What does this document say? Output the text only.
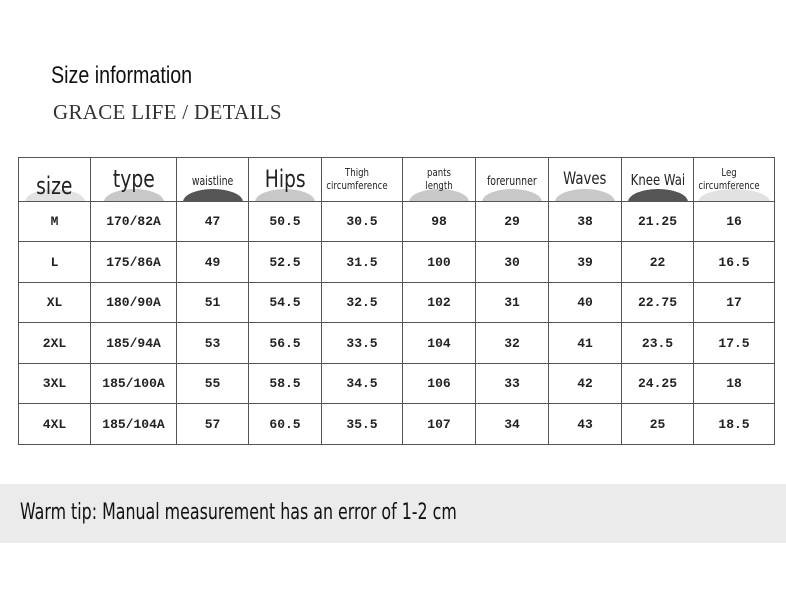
Size information
GRACE LIFE / DETAILS
size	type	waistline	Hips	Thigh circumference	pants length	forerunner	Waves	Knee Wai	Leg circumference
M	170/82A	47	50.5	30.5	98	29	38	21.25	16
L	175/86A	49	52.5	31.5	100	30	39	22	16.5
XL	180/90A	51	54.5	32.5	102	31	40	22.75	17
2XL	185/94A	53	56.5	33.5	104	32	41	23.5	17.5
3XL	185/100A	55	58.5	34.5	106	33	42	24.25	18
4XL	185/104A	57	60.5	35.5	107	34	43	25	18.5
Warm tip: Manual measurement has an error of 1-2 cm
